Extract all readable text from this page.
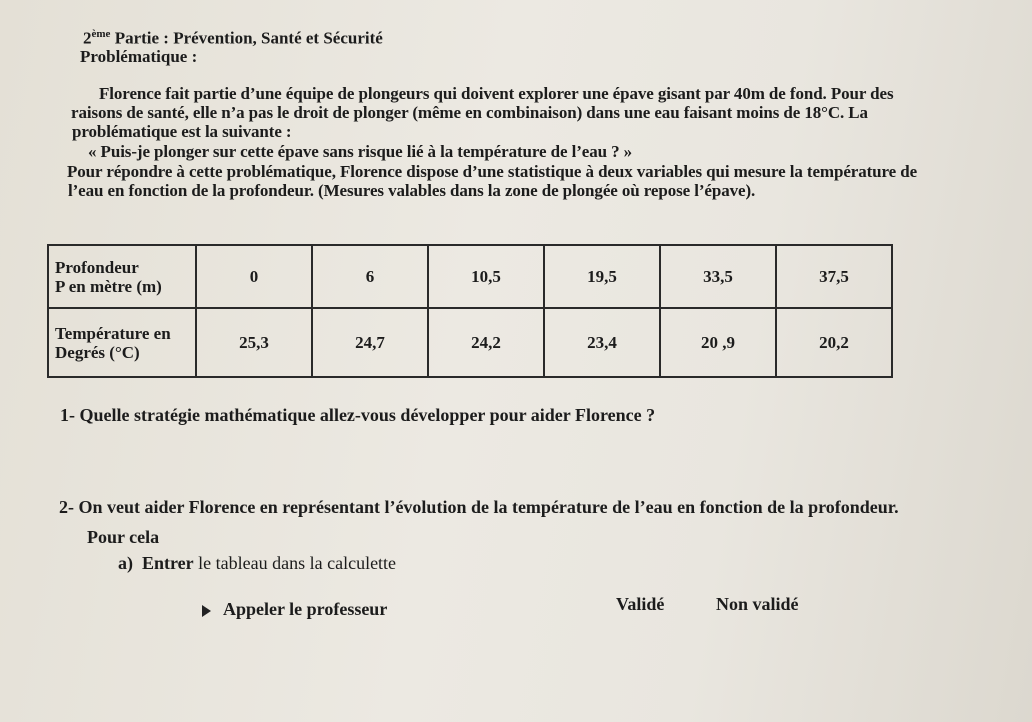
2ème Partie : Prévention, Santé et Sécurité
Problématique :
Florence fait partie d’une équipe de plongeurs qui doivent explorer une épave gisant par 40m de fond. Pour des
raisons de santé, elle n’a pas le droit de plonger (même en combinaison) dans une eau faisant moins de 18°C. La
problématique est la suivante :
« Puis-je plonger sur cette épave sans risque lié à la température de l’eau ? »
Pour répondre à cette problématique, Florence dispose d’une statistique à deux variables qui mesure la température de
l’eau en fonction de la profondeur. (Mesures valables dans la zone de plongée où repose l’épave).
Profondeur
P en mètre (m)	0	6	10,5	19,5	33,5	37,5

Température en
Degrés (°C)	25,3	24,7	24,2	23,4	20 ,9	20,2
1- Quelle stratégie mathématique allez-vous développer pour aider Florence ?
2- On veut aider Florence en représentant l’évolution de la température de l’eau en fonction de la profondeur.
Pour cela
a) Entrer le tableau dans la calculette
Appeler le professeur	Validé	Non validé
